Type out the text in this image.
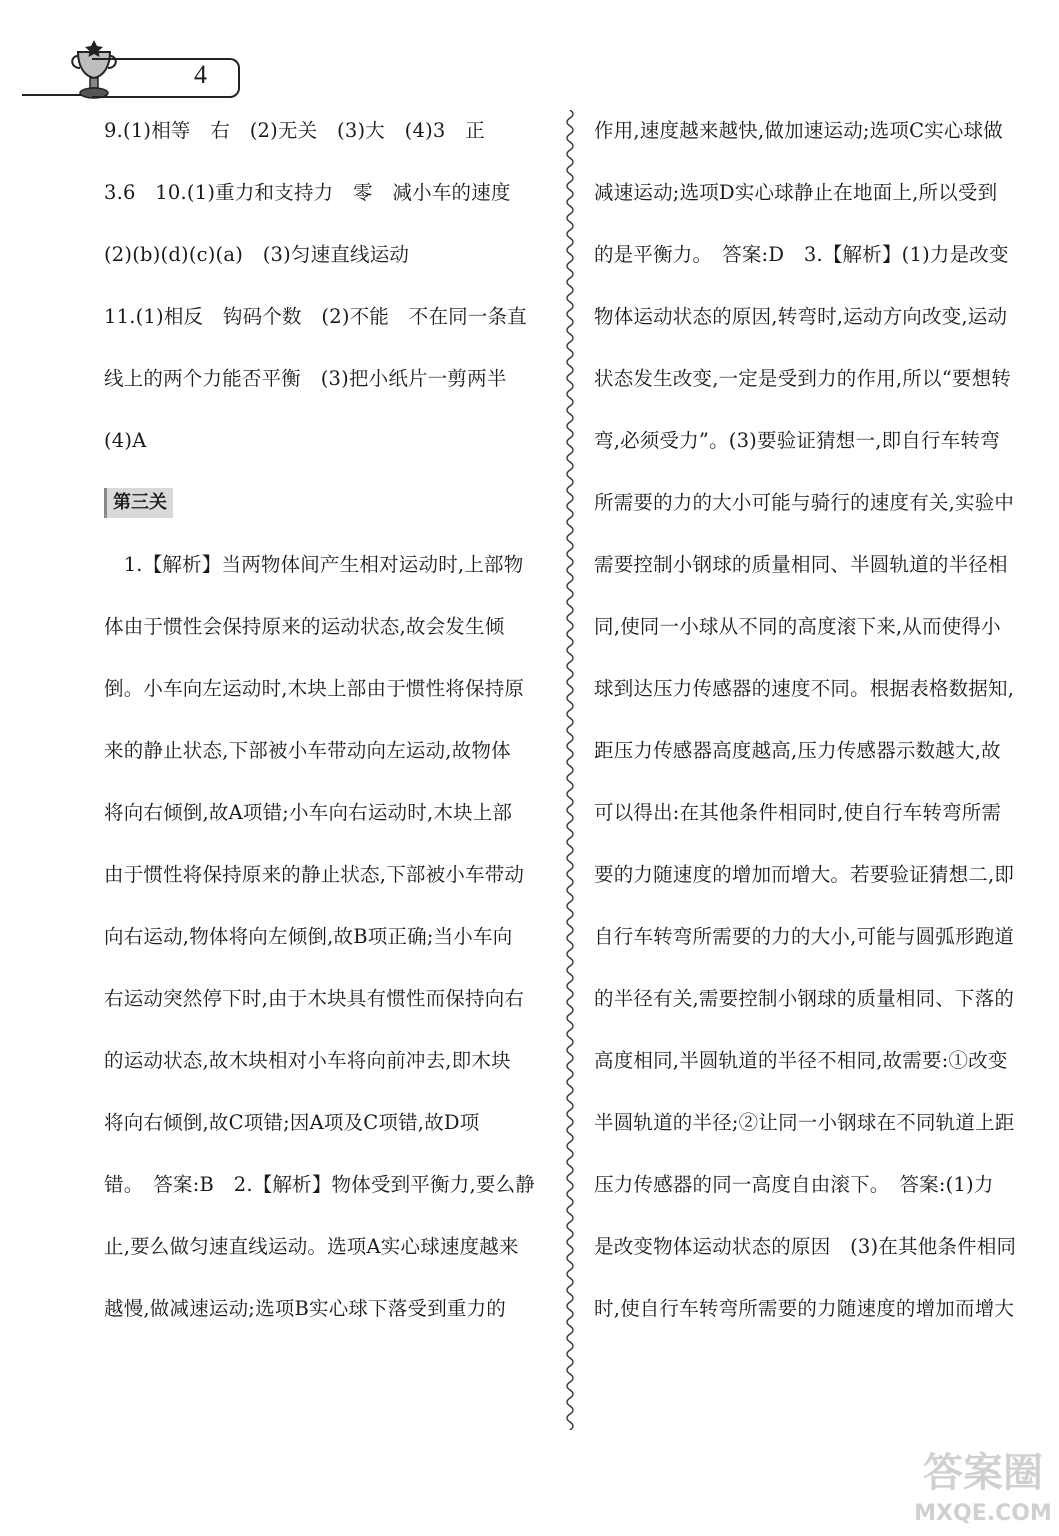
4
9.(1)相等　右　(2)无关　(3)大　(4)3　正
3.6　10.(1)重力和支持力　零　减小车的速度
(2)(b)(d)(c)(a)　(3)匀速直线运动
11.(1)相反　钩码个数　(2)不能　不在同一条直
线上的两个力能否平衡　(3)把小纸片一剪两半
(4)A
第三关
　1.【解析】当两物体间产生相对运动时,上部物
体由于惯性会保持原来的运动状态,故会发生倾
倒。小车向左运动时,木块上部由于惯性将保持原
来的静止状态,下部被小车带动向左运动,故物体
将向右倾倒,故A项错;小车向右运动时,木块上部
由于惯性将保持原来的静止状态,下部被小车带动
向右运动,物体将向左倾倒,故B项正确;当小车向
右运动突然停下时,由于木块具有惯性而保持向右
的运动状态,故木块相对小车将向前冲去,即木块
将向右倾倒,故C项错;因A项及C项错,故D项
错。　答案:B　2.【解析】物体受到平衡力,要么静
止,要么做匀速直线运动。选项A实心球速度越来
越慢,做减速运动;选项B实心球下落受到重力的
作用,速度越来越快,做加速运动;选项C实心球做
减速运动;选项D实心球静止在地面上,所以受到
的是平衡力。　答案:D　3.【解析】(1)力是改变
物体运动状态的原因,转弯时,运动方向改变,运动
状态发生改变,一定是受到力的作用,所以“要想转
弯,必须受力”。(3)要验证猜想一,即自行车转弯
所需要的力的大小可能与骑行的速度有关,实验中
需要控制小钢球的质量相同、半圆轨道的半径相
同,使同一小球从不同的高度滚下来,从而使得小
球到达压力传感器的速度不同。根据表格数据知,
距压力传感器高度越高,压力传感器示数越大,故
可以得出:在其他条件相同时,使自行车转弯所需
要的力随速度的增加而增大。若要验证猜想二,即
自行车转弯所需要的力的大小,可能与圆弧形跑道
的半径有关,需要控制小钢球的质量相同、下落的
高度相同,半圆轨道的半径不相同,故需要:①改变
半圆轨道的半径;②让同一小钢球在不同轨道上距
压力传感器的同一高度自由滚下。　答案:(1)力
是改变物体运动状态的原因　(3)在其他条件相同
时,使自行车转弯所需要的力随速度的增加而增大
答案圈
MXQE.COM
